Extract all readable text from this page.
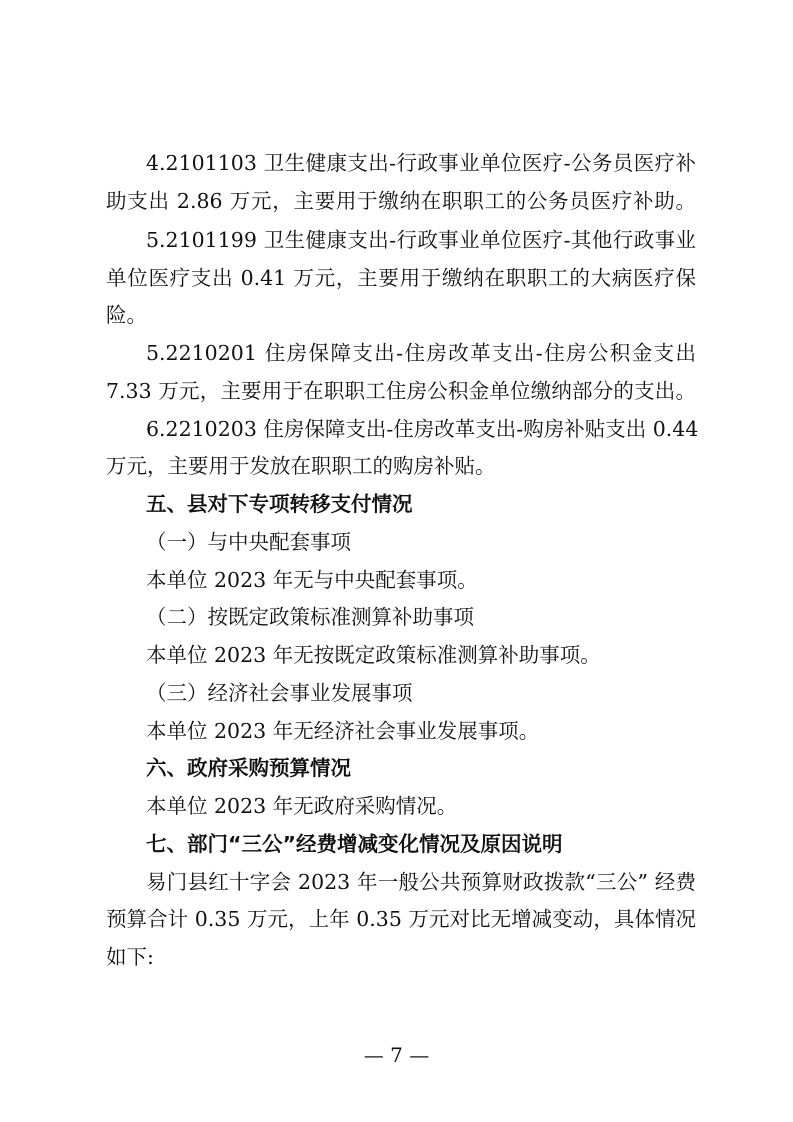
4.2101103 卫生健康支出-行政事业单位医疗-公务员医疗补
助支出 2.86 万元，主要用于缴纳在职职工的公务员医疗补助。
5.2101199 卫生健康支出-行政事业单位医疗-其他行政事业
单位医疗支出 0.41 万元，主要用于缴纳在职职工的大病医疗保
险。
5.2210201 住房保障支出-住房改革支出-住房公积金支出
7.33 万元，主要用于在职职工住房公积金单位缴纳部分的支出。
6.2210203 住房保障支出-住房改革支出-购房补贴支出 0.44
万元，主要用于发放在职职工的购房补贴。
五、县对下专项转移支付情况
（一）与中央配套事项
本单位 2023 年无与中央配套事项。
（二）按既定政策标准测算补助事项
本单位 2023 年无按既定政策标准测算补助事项。
（三）经济社会事业发展事项
本单位 2023 年无经济社会事业发展事项。
六、政府采购预算情况
本单位 2023 年无政府采购情况。
七、部门“三公”经费增减变化情况及原因说明
易门县红十字会 2023 年一般公共预算财政拨款“三公” 经费
预算合计 0.35 万元，上年 0.35 万元对比无增减变动，具体情况
如下:
— 7 —
